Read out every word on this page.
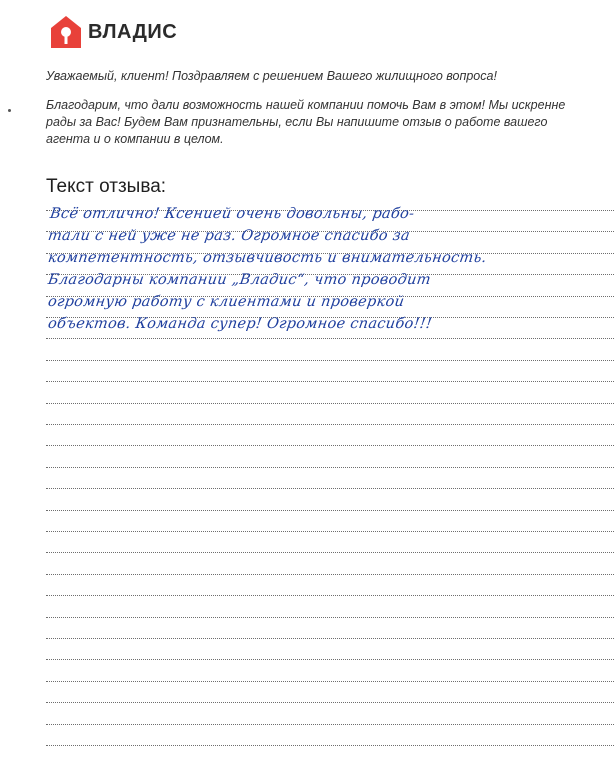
ВЛАДИС
Уважаемый, клиент! Поздравляем с решением Вашего жилищного вопроса!
Благодарим, что дали возможность нашей компании помочь Вам в этом! Мы искренне рады за Вас! Будем Вам признательны, если Вы напишите отзыв о работе вашего агента и о компании в целом.
Текст отзыва:
Всё отлично! Ксенией очень довольны, рабо-
тали с ней уже не раз. Огромное спасибо за
компетентность, отзывчивость и внимательность.
Благодарны компании „Владис“, что проводит
огромную работу с клиентами и проверкой
объектов. Команда супер! Огромное спасибо!!!
